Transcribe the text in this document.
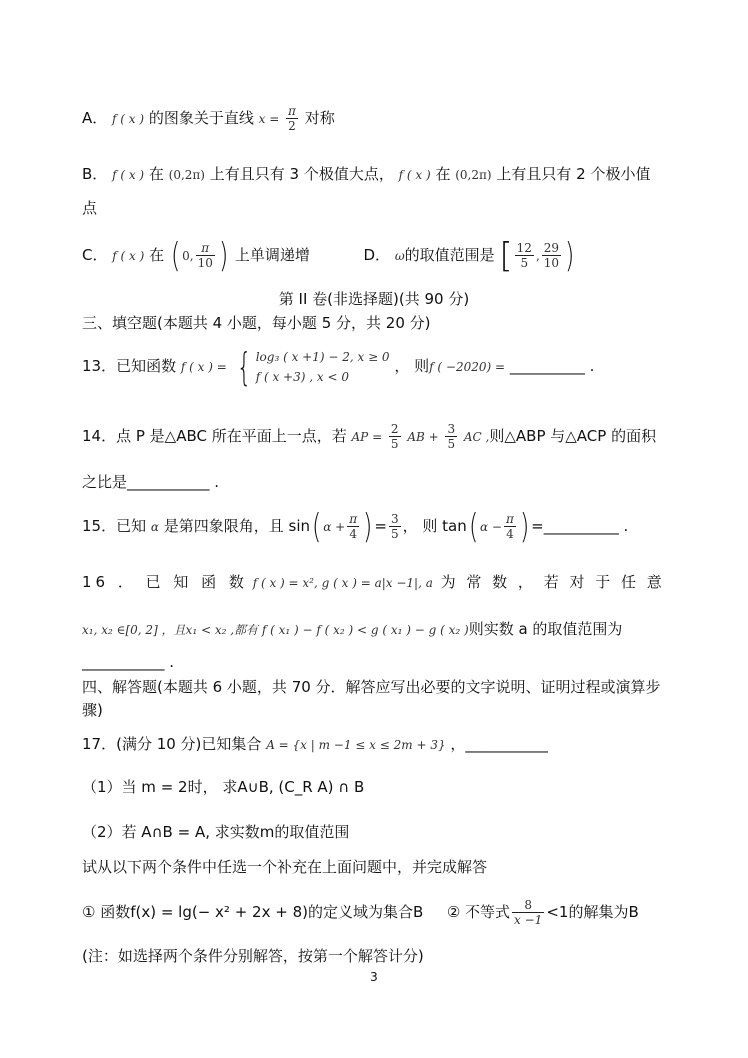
A． f ( x ) 的图象关于直线 $x = \frac{\pi}{2}$ 对称
B． f ( x ) 在 (0,2π) 上有且只有 3 个极值大点， f ( x ) 在 (0,2π) 上有且只有 2 个极小值
点
C． f ( x ) 在 ( 0, $\frac{\pi}{10}$ ) 上单调递增	D． ω的取值范围是 [ $\frac{12}{5}$ , $\frac{29}{10}$ )
第 II 卷(非选择题)(共 90 分)
三、填空题(本题共 4 小题，每小题 5 分，共 20 分)
13．已知函数 f ( x ) = { log₃ ( x +1) − 2, x ≥ 0
f ( x +3) , x < 0
， 则f ( −2020) = __________ .
14．点 P 是△ABC 所在平面上一点，若 AP = $\frac{2}{5}$ AB + $\frac{3}{5}$ AC ,则△ABP 与△ACP 的面积
之比是___________ .
15．已知 α 是第四象限角，且 sin( $\alpha + \frac{\pi}{4}$ ) = $\frac{3}{5}$ ， 则 tan( $\alpha - \frac{\pi}{4}$ ) =__________ .
16 ． 已 知 函 数 f ( x ) = x², g ( x ) = a|x −1|, a 为 常 数 ， 若 对 于 任 意
x₁, x₂ ∈[0, 2] ，且x₁ < x₂ ,都有 f ( x₁ ) − f ( x₂ ) < g ( x₁ ) − g ( x₂ )则实数 a 的取值范围为
___________ .
四、解答题(本题共 6 小题，共 70 分．解答应写出必要的文字说明、证明过程或演算步
骤)
17．(满分 10 分)已知集合 A = {x | m −1 ≤ x ≤ 2m + 3} ，___________
（1）当 m = 2时， 求A∪B, (C_R A) ∩ B
（2）若 A∩B = A, 求实数m的取值范围
试从以下两个条件中任选一个补充在上面问题中，并完成解答
① 函数f(x) = lg(− x² + 2x + 8)的定义域为集合B ② 不等式 $\frac{8}{x -1} <1$的解集为B
(注：如选择两个条件分别解答，按第一个解答计分)
3
